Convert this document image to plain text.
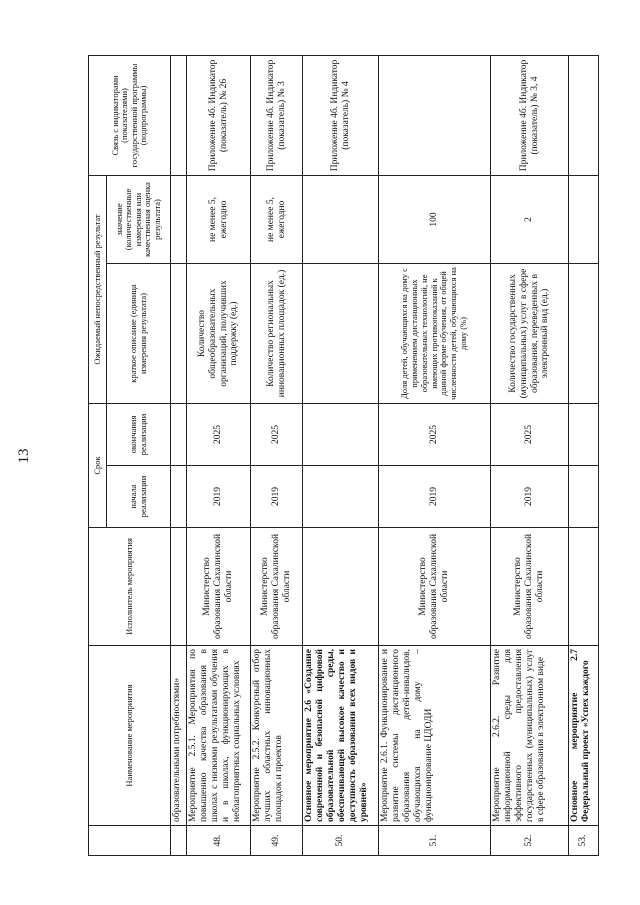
13
	Наименование мероприятия	Исполнитель мероприятия	Срок		Ожидаемый непосредственный результат		Связь с индикаторами (показателями) государственной программы (подпрограммы)
			начала реализации	окончания реализации	краткое описание (единица измерения результата)	значение (количественные измерения или качественная оценка результата)	
	образовательными потребностями»						
48.	Мероприятие 2.5.1. Мероприятия по повышению качества образования в школах с низкими результатами обучения и в школах, функционирующих в неблагоприятных социальных условиях	Министерство образования Сахалинской области	2019	2025	Количество общеобразовательных организаций, получивших поддержку (ед.)	не менее 5, ежегодно	Приложение 4б. Индикатор (показатель) № 26
49.	Мероприятие 2.5.2. Конкурсный отбор лучших областных инновационных площадок и проектов	Министерство образования Сахалинской области	2019	2025	Количество региональных инновационных площадок (ед.)	не менее 5, ежегодно	Приложение 4б. Индикатор (показатель) № 3
50.	Основное мероприятие 2.6 «Создание современной и безопасной цифровой образовательной среды, обеспечивающей высокое качество и доступность образования всех видов и уровней»						Приложение 4б. Индикатор (показатель) № 4
51.	Мероприятие 2.6.1. Функционирование и развитие системы дистанционного образования детей-инвалидов, обучающихся на дому – функционирование ЦДОДИ	Министерство образования Сахалинской области	2019	2025	Доля детей, обучающихся на дому с применением дистанционных образовательных технологий, не имеющих противопоказаний к данной форме обучения, от общей численности детей, обучающихся на дому (%)	100	
52.	Мероприятие 2.6.2. Развитие информационной среды для эффективного предоставления государственных (муниципальных) услуг в сфере образования в электронном виде	Министерство образования Сахалинской области	2019	2025	Количество государственных (муниципальных) услуг в сфере образования, переведенных в электронный вид (ед.)	2	Приложение 4б. Индикатор (показатель) № 3, 4
53.	Основное мероприятие 2.7 Федеральный проект «Успех каждого						
